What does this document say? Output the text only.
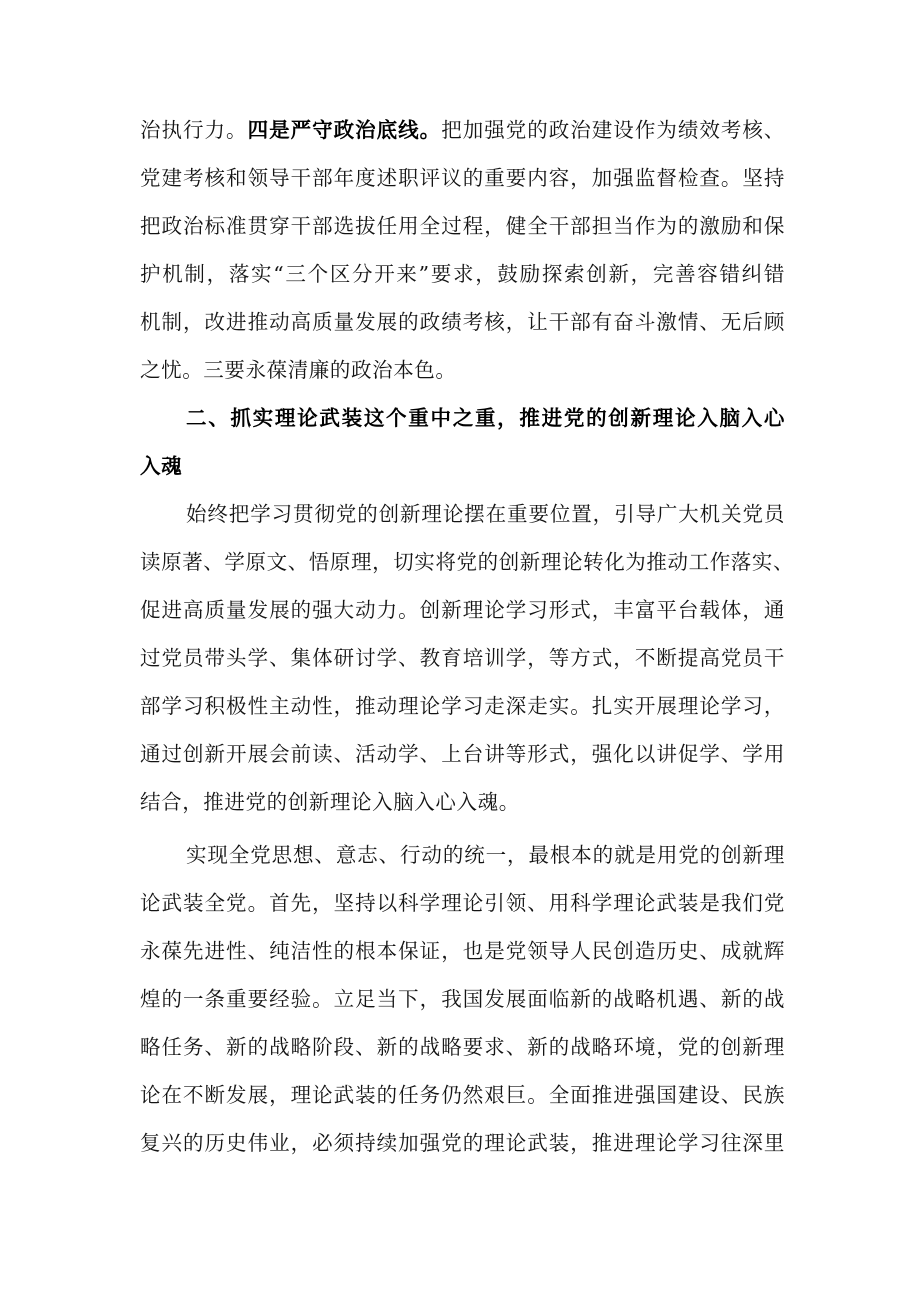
治执行力。四是严守政治底线。把加强党的政治建设作为绩效考核、
党建考核和领导干部年度述职评议的重要内容，加强监督检查。坚持
把政治标准贯穿干部选拔任用全过程，健全干部担当作为的激励和保
护机制，落实“三个区分开来”要求，鼓励探索创新，完善容错纠错
机制，改进推动高质量发展的政绩考核，让干部有奋斗激情、无后顾
之忧。三要永葆清廉的政治本色。
二、抓实理论武装这个重中之重，推进党的创新理论入脑入心
入魂
始终把学习贯彻党的创新理论摆在重要位置，引导广大机关党员
读原著、学原文、悟原理，切实将党的创新理论转化为推动工作落实、
促进高质量发展的强大动力。创新理论学习形式，丰富平台载体，通
过党员带头学、集体研讨学、教育培训学，等方式，不断提高党员干
部学习积极性主动性，推动理论学习走深走实。扎实开展理论学习，
通过创新开展会前读、活动学、上台讲等形式，强化以讲促学、学用
结合，推进党的创新理论入脑入心入魂。
实现全党思想、意志、行动的统一，最根本的就是用党的创新理
论武装全党。首先，坚持以科学理论引领、用科学理论武装是我们党
永葆先进性、纯洁性的根本保证，也是党领导人民创造历史、成就辉
煌的一条重要经验。立足当下，我国发展面临新的战略机遇、新的战
略任务、新的战略阶段、新的战略要求、新的战略环境，党的创新理
论在不断发展，理论武装的任务仍然艰巨。全面推进强国建设、民族
复兴的历史伟业，必须持续加强党的理论武装，推进理论学习往深里
